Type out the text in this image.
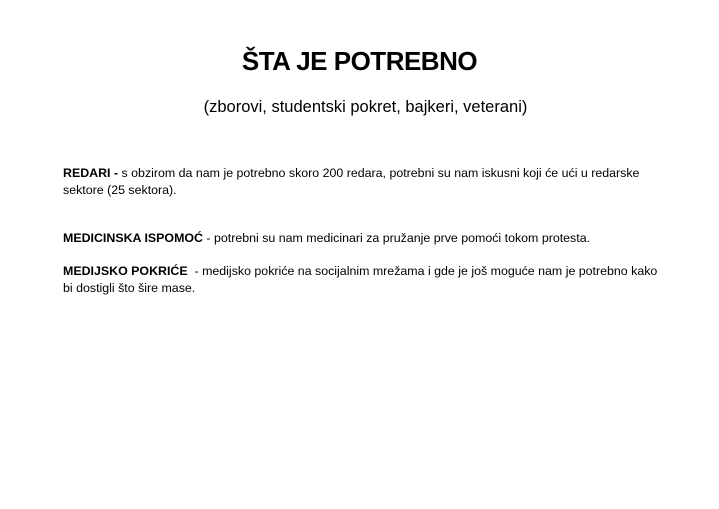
ŠTA JE POTREBNO

(zborovi, studentski pokret, bajkeri, veterani)

REDARI - s obzirom da nam je potrebno skoro 200 redara, potrebni su nam iskusni koji će ući u redarske sektore (25 sektora).

MEDICINSKA ISPOMOĆ - potrebni su nam medicinari za pružanje prve pomoći tokom protesta.

MEDIJSKO POKRIĆE  - medijsko pokriće na socijalnim mrežama i gde je još moguće nam je potrebno kako bi dostigli što šire mase.
